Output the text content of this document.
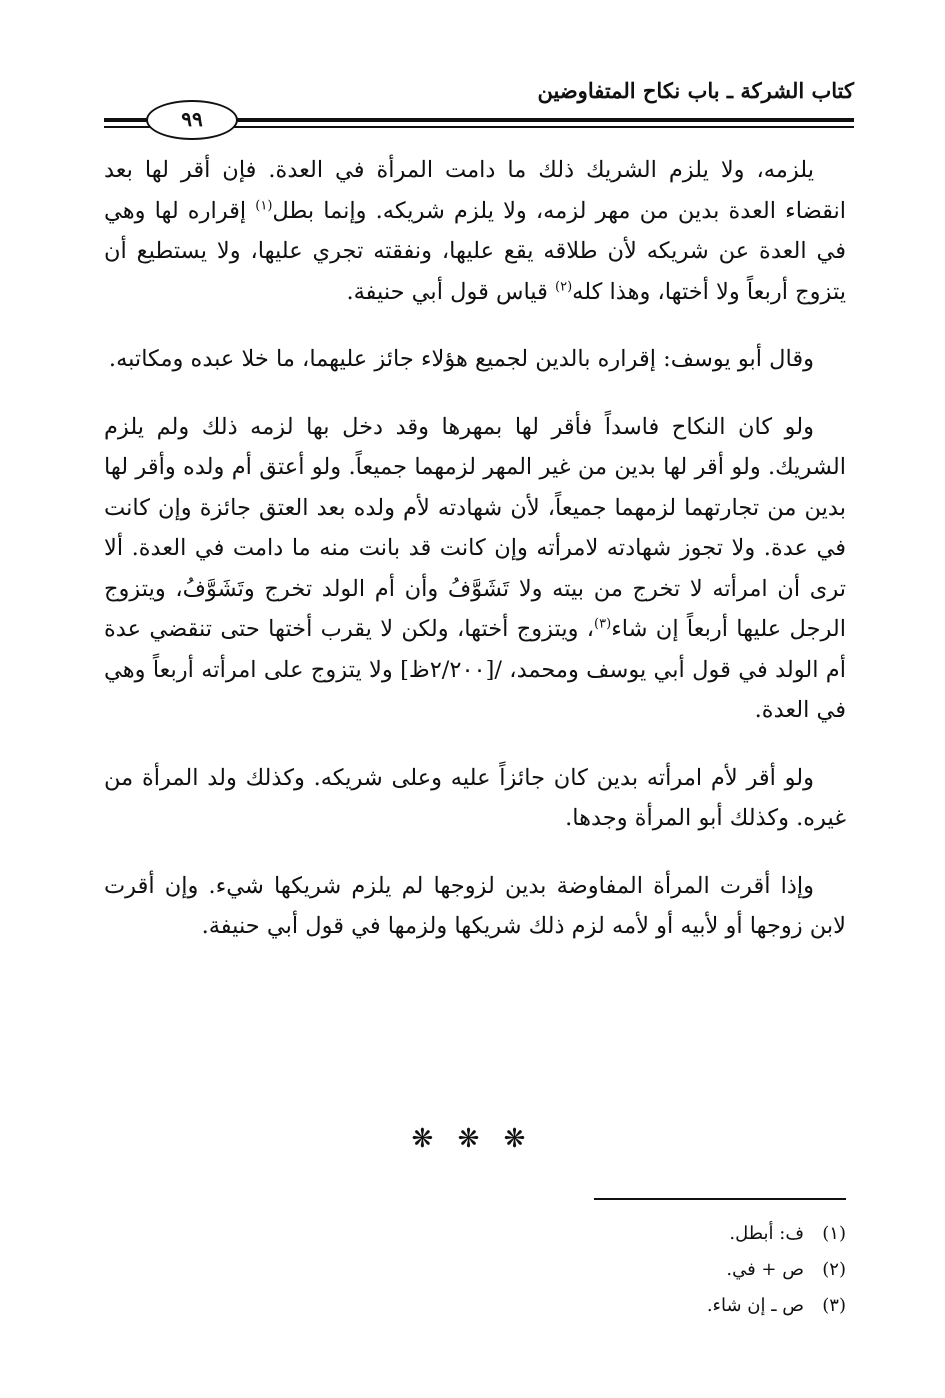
كتاب الشركة ـ باب نكاح المتفاوضين
٩٩

يلزمه، ولا يلزم الشريك ذلك ما دامت المرأة في العدة. فإن أقر لها بعد انقضاء العدة بدين من مهر لزمه، ولا يلزم شريكه. وإنما بطل$^{(١)}$ إقراره لها وهي في العدة عن شريكه لأن طلاقه يقع عليها، ونفقته تجري عليها، ولا يستطيع أن يتزوج أربعاً ولا أختها، وهذا كله$^{(٢)}$ قياس قول أبي حنيفة.

وقال أبو يوسف: إقراره بالدين لجميع هؤلاء جائز عليهما، ما خلا عبده ومكاتبه.

ولو كان النكاح فاسداً فأقر لها بمهرها وقد دخل بها لزمه ذلك ولم يلزم الشريك. ولو أقر لها بدين من غير المهر لزمهما جميعاً. ولو أعتق أم ولده وأقر لها بدين من تجارتهما لزمهما جميعاً، لأن شهادته لأم ولده بعد العتق جائزة وإن كانت في عدة. ولا تجوز شهادته لامرأته وإن كانت قد بانت منه ما دامت في العدة. ألا ترى أن امرأته لا تخرج من بيته ولا تَشَوَّفُ وأن أم الولد تخرج وتَشَوَّفُ، ويتزوج الرجل عليها أربعاً إن شاء$^{(٣)}$، ويتزوج أختها، ولكن لا يقرب أختها حتى تنقضي عدة أم الولد في قول أبي يوسف ومحمد، /[٢/٢٠٠ظ] ولا يتزوج على امرأته أربعاً وهي في العدة.

ولو أقر لأم امرأته بدين كان جائزاً عليه وعلى شريكه. وكذلك ولد المرأة من غيره. وكذلك أبو المرأة وجدها.

وإذا أقرت المرأة المفاوضة بدين لزوجها لم يلزم شريكها شيء. وإن أقرت لابن زوجها أو لأبيه أو لأمه لزم ذلك شريكها ولزمها في قول أبي حنيفة.

❋ ❋ ❋
(١)ف: أبطل.
(٢)ص + في.
(٣)ص ـ إن شاء.
